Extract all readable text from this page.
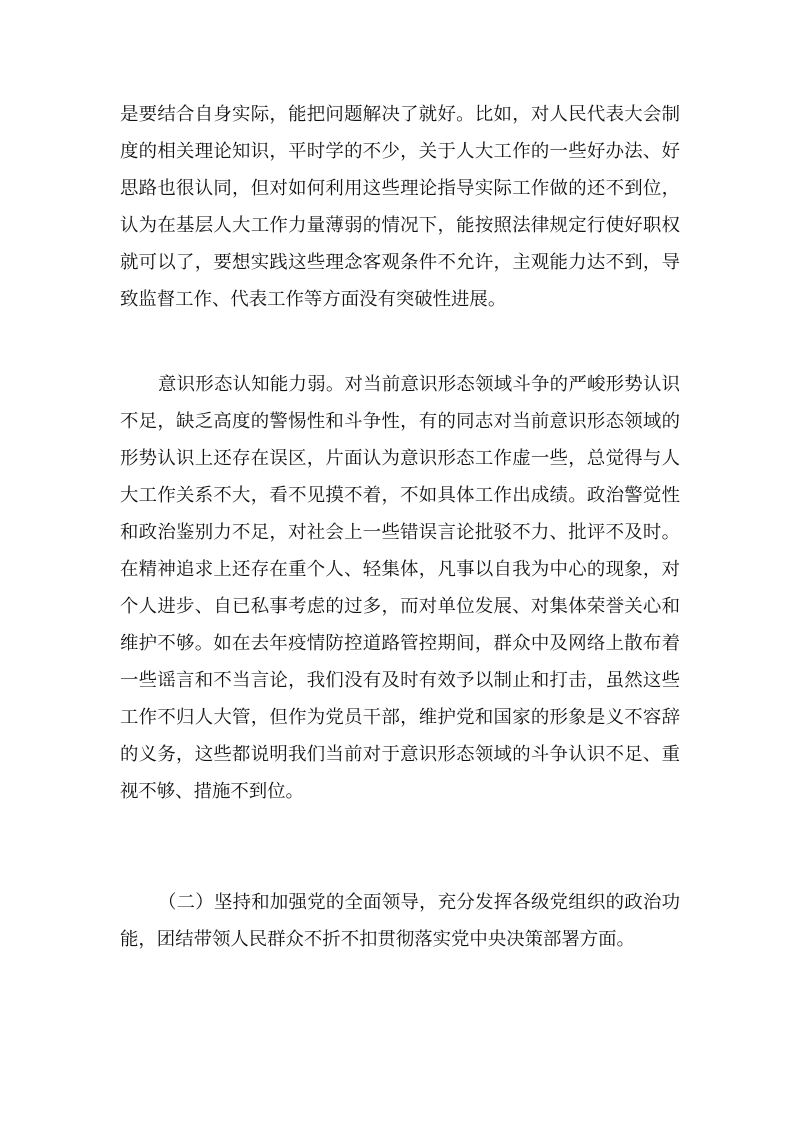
是要结合自身实际，能把问题解决了就好。比如，对人民代表大会制
度的相关理论知识，平时学的不少，关于人大工作的一些好办法、好
思路也很认同，但对如何利用这些理论指导实际工作做的还不到位，
认为在基层人大工作力量薄弱的情况下，能按照法律规定行使好职权
就可以了，要想实践这些理念客观条件不允许，主观能力达不到，导
致监督工作、代表工作等方面没有突破性进展。
意识形态认知能力弱。对当前意识形态领域斗争的严峻形势认识
不足，缺乏高度的警惕性和斗争性，有的同志对当前意识形态领域的
形势认识上还存在误区，片面认为意识形态工作虚一些，总觉得与人
大工作关系不大，看不见摸不着，不如具体工作出成绩。政治警觉性
和政治鉴别力不足，对社会上一些错误言论批驳不力、批评不及时。
在精神追求上还存在重个人、轻集体，凡事以自我为中心的现象，对
个人进步、自已私事考虑的过多，而对单位发展、对集体荣誉关心和
维护不够。如在去年疫情防控道路管控期间，群众中及网络上散布着
一些谣言和不当言论，我们没有及时有效予以制止和打击，虽然这些
工作不归人大管，但作为党员干部，维护党和国家的形象是义不容辞
的义务，这些都说明我们当前对于意识形态领域的斗争认识不足、重
视不够、措施不到位。
（二）坚持和加强党的全面领导，充分发挥各级党组织的政治功
能，团结带领人民群众不折不扣贯彻落实党中央决策部署方面。
